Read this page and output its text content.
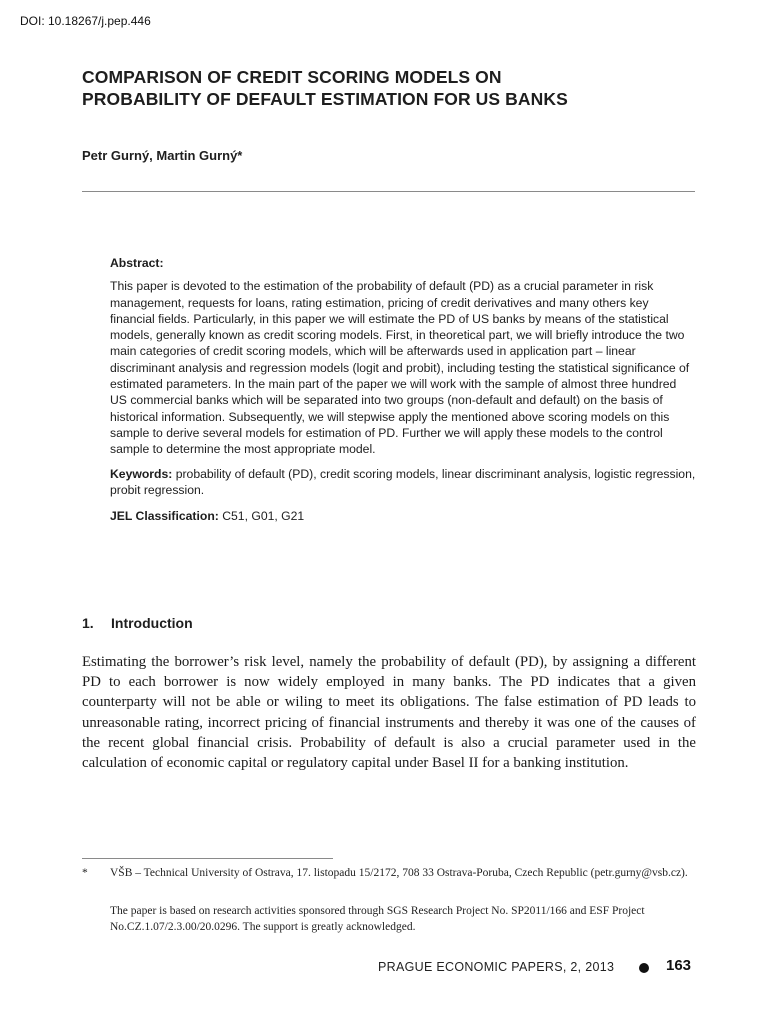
DOI: 10.18267/j.pep.446
COMPARISON OF CREDIT SCORING MODELS ON
PROBABILITY OF DEFAULT ESTIMATION FOR US BANKS
Petr Gurný, Martin Gurný*

Abstract:

This paper is devoted to the estimation of the probability of default (PD) as a crucial parameter in risk management, requests for loans, rating estimation, pricing of credit derivatives and many others key financial fields. Particularly, in this paper we will estimate the PD of US banks by means of the statistical models, generally known as credit scoring models. First, in theoretical part, we will briefly introduce the two main categories of credit scoring models, which will be afterwards used in application part – linear discriminant analysis and regression models (logit and probit), including testing the statistical significance of estimated parameters. In the main part of the paper we will work with the sample of almost three hundred US commercial banks which will be separated into two groups (non-default and default) on the basis of historical information. Subsequently, we will stepwise apply the mentioned above scoring models on this sample to derive several models for estimation of PD. Further we will apply these models to the control sample to determine the most appropriate model.

Keywords: probability of default (PD), credit scoring models, linear discriminant analysis, logistic regression, probit regression.

JEL Classification: C51, G01, G21

1. Introduction

Estimating the borrower’s risk level, namely the probability of default (PD), by assigning a different PD to each borrower is now widely employed in many banks. The PD indicates that a given counterparty will not be able or wiling to meet its obligations. The false estimation of PD leads to unreasonable rating, incorrect pricing of financial instruments and thereby it was one of the causes of the recent global financial crisis. Probability of default is also a crucial parameter used in the calculation of economic capital or regulatory capital under Basel II for a banking institution.

* VŠB – Technical University of Ostrava, 17. listopadu 15/2172, 708 33 Ostrava-Poruba, Czech Republic (petr.gurny@vsb.cz).
The paper is based on research activities sponsored through SGS Research Project No. SP2011/166 and ESF Project No.CZ.1.07/2.3.00/20.0296. The support is greatly acknowledged.
PRAGUE ECONOMIC PAPERS, 2, 2013	163
